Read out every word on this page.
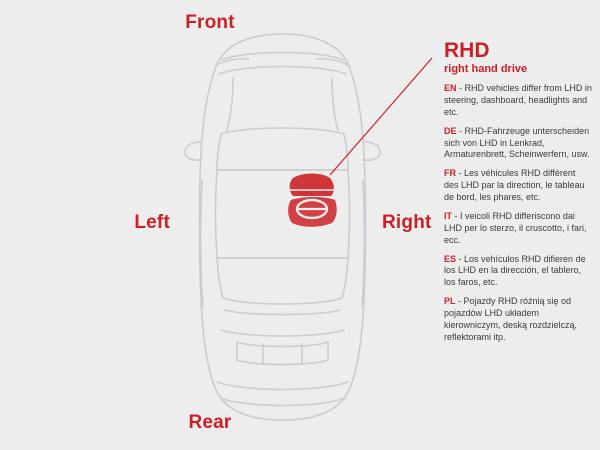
Front
Rear
Left	Right
RHD
right hand drive
EN - RHD vehicles differ from LHD in steering, dashboard, headlights and etc.
DE - RHD-Fahrzeuge unterscheiden sich von LHD in Lenkrad, Armaturenbrett, Scheinwerfern, usw.
FR - Les véhicules RHD diffèrent des LHD par la direction, le tableau de bord, les phares, etc.
IT - I veicoli RHD differiscono dai LHD per lo sterzo, il cruscotto, i fari, ecc.
ES - Los vehículos RHD difieren de los LHD en la dirección, el tablero, los faros, etc.
PL - Pojazdy RHD różnią się od pojazdów LHD układem kierowniczym, deską rozdzielczą, reflektorami itp.
